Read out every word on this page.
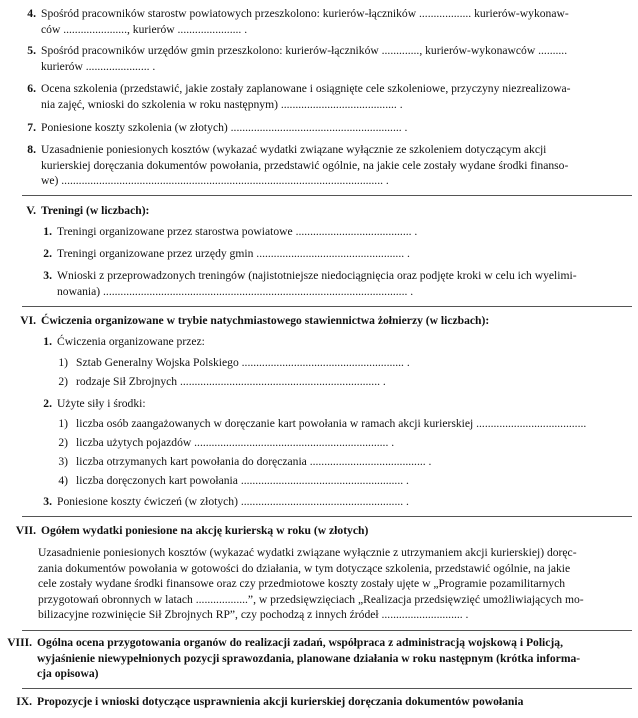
4. Spośród pracowników starostw powiatowych przeszkolono: kurierów-łączników .................. kurierów-wykonaw-
ców ......................, kurierów ...................... .
5. Spośród pracowników urzędów gmin przeszkolono: kurierów-łączników ............., kurierów-wykonawców ..........
kurierów ...................... .
6. Ocena szkolenia (przedstawić, jakie zostały zaplanowane i osiągnięte cele szkoleniowe, przyczyny niezrealizowa-
nia zajęć, wnioski do szkolenia w roku następnym) ........................................ .
7. Poniesione koszty szkolenia (w złotych) ........................................................... .
8. Uzasadnienie poniesionych kosztów (wykazać wydatki związane wyłącznie ze szkoleniem dotyczącym akcji
kurierskiej doręczania dokumentów powołania, przedstawić ogólnie, na jakie cele zostały wydane środki finanso-
we) ............................................................................................................... .
V. Treningi (w liczbach):
1. Treningi organizowane przez starostwa powiatowe ........................................ .
2. Treningi organizowane przez urzędy gmin ................................................... .
3. Wnioski z przeprowadzonych treningów (najistotniejsze niedociągnięcia oraz podjęte kroki w celu ich wyelimi-
nowania) ......................................................................................................... .
VI. Ćwiczenia organizowane w trybie natychmiastowego stawiennictwa żołnierzy (w liczbach):
1. Ćwiczenia organizowane przez:
1) Sztab Generalny Wojska Polskiego ........................................................ .
2) rodzaje Sił Zbrojnych ..................................................................... .
2. Użyte siły i środki:
1) liczba osób zaangażowanych w doręczanie kart powołania w ramach akcji kurierskiej ......................................
2) liczba użytych pojazdów ................................................................... .
3) liczba otrzymanych kart powołania do doręczania ........................................ .
4) liczba doręczonych kart powołania ........................................................ .
3. Poniesione koszty ćwiczeń (w złotych) ........................................................ .
VII. Ogółem wydatki poniesione na akcję kurierską w roku (w złotych)
Uzasadnienie poniesionych kosztów (wykazać wydatki związane wyłącznie z utrzymaniem akcji kurierskiej) doręc-
zania dokumentów powołania w gotowości do działania, w tym dotyczące szkolenia, przedstawić ogólnie, na jakie
cele zostały wydane środki finansowe oraz czy przedmiotowe koszty zostały ujęte w „Programie pozamilitarnych
przygotowań obronnych w latach ..................”, w przedsięwzięciach „Realizacja przedsięwzięć umożliwiających mo-
bilizacyjne rozwinięcie Sił Zbrojnych RP”, czy pochodzą z innych źródeł ............................ .
VIII. Ogólna ocena przygotowania organów do realizacji zadań, współpraca z administracją wojskową i Policją,
wyjaśnienie niewypełnionych pozycji sprawozdania, planowane działania w roku następnym (krótka informa-
cja opisowa)
IX. Propozycje i wnioski dotyczące usprawnienia akcji kurierskiej doręczania dokumentów powołania
